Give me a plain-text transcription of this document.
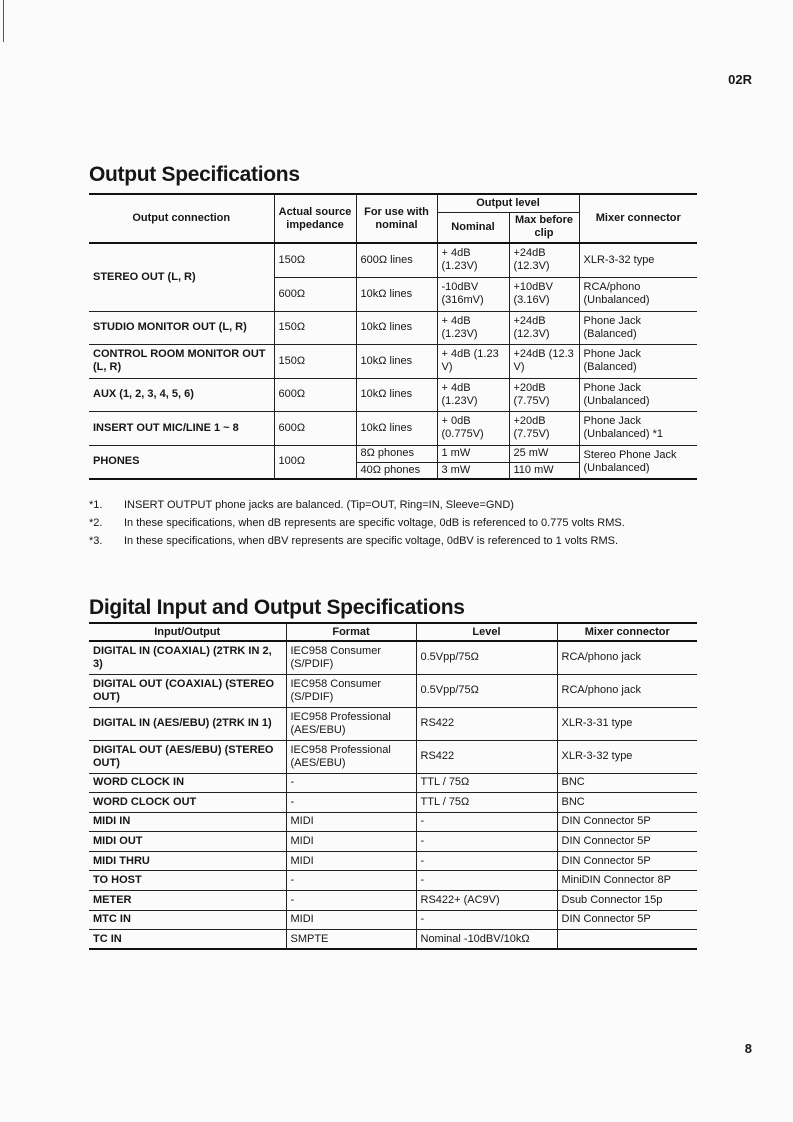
02R
Output Specifications
Output connection	Actual source impedance	For use with nominal	Output level		Mixer connector
			Nominal	Max before clip	
STEREO OUT (L, R)	150Ω	600Ω lines	+ 4dB (1.23V)	+24dB (12.3V)	XLR-3-32 type
	600Ω	10kΩ lines	-10dBV (316mV)	+10dBV (3.16V)	RCA/phono (Unbalanced)
STUDIO MONITOR OUT (L, R)	150Ω	10kΩ lines	+ 4dB (1.23V)	+24dB (12.3V)	Phone Jack (Balanced)
CONTROL ROOM MONITOR OUT (L, R)	150Ω	10kΩ lines	+ 4dB (1.23 V)	+24dB (12.3 V)	Phone Jack (Balanced)
AUX (1, 2, 3, 4, 5, 6)	600Ω	10kΩ lines	+ 4dB (1.23V)	+20dB (7.75V)	Phone Jack (Unbalanced)
INSERT OUT MIC/LINE 1 ~ 8	600Ω	10kΩ lines	+ 0dB (0.775V)	+20dB (7.75V)	Phone Jack (Unbalanced) *1
PHONES	100Ω	8Ω phones	1 mW	25 mW	Stereo Phone Jack (Unbalanced)
		40Ω phones	3 mW	110 mW	
*1.	INSERT OUTPUT phone jacks are balanced. (Tip=OUT, Ring=IN, Sleeve=GND)
*2.	In these specifications, when dB represents are specific voltage, 0dB is referenced to 0.775 volts RMS.
*3.	In these specifications, when dBV represents are specific voltage, 0dBV is referenced to 1 volts RMS.
Digital Input and Output Specifications
Input/Output	Format	Level	Mixer connector
DIGITAL IN (COAXIAL) (2TRK IN 2, 3)	IEC958 Consumer (S/PDIF)	0.5Vpp/75Ω	RCA/phono jack
DIGITAL OUT (COAXIAL) (STEREO OUT)	IEC958 Consumer (S/PDIF)	0.5Vpp/75Ω	RCA/phono jack
DIGITAL IN (AES/EBU) (2TRK IN 1)	IEC958 Professional (AES/EBU)	RS422	XLR-3-31 type
DIGITAL OUT (AES/EBU) (STEREO OUT)	IEC958 Professional (AES/EBU)	RS422	XLR-3-32 type
WORD CLOCK IN	-	TTL / 75Ω	BNC
WORD CLOCK OUT	-	TTL / 75Ω	BNC
MIDI IN	MIDI	-	DIN Connector 5P
MIDI OUT	MIDI	-	DIN Connector 5P
MIDI THRU	MIDI	-	DIN Connector 5P
TO HOST	-	-	MiniDIN Connector 8P
METER	-	RS422+ (AC9V)	Dsub Connector 15p
MTC IN	MIDI	-	DIN Connector 5P
TC IN	SMPTE	Nominal -10dBV/10kΩ	
8
